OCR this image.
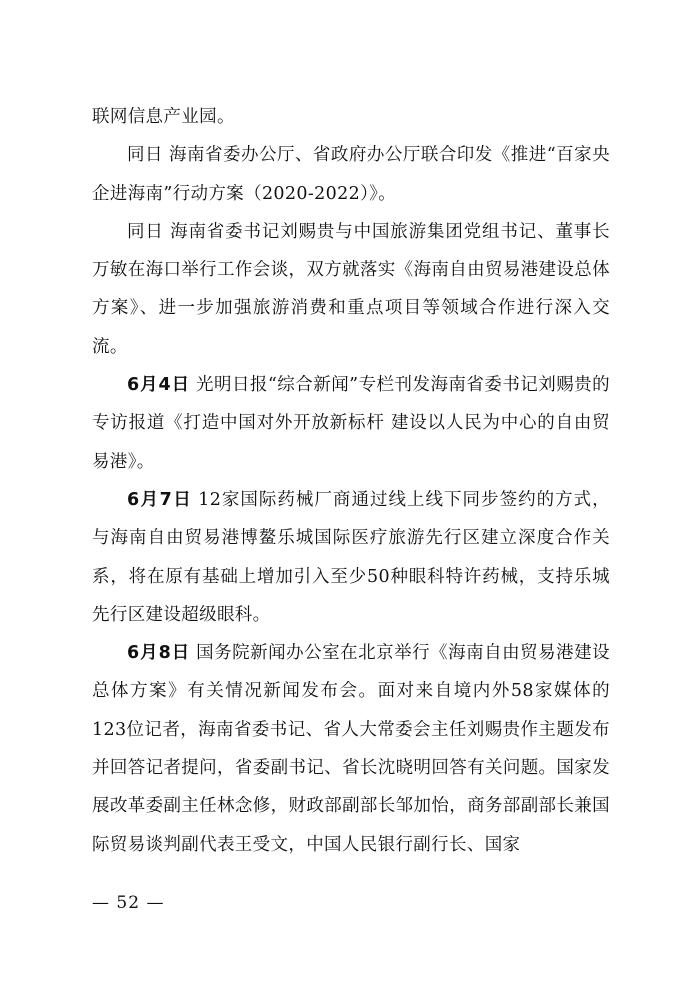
联网信息产业园。

同日 海南省委办公厅、省政府办公厅联合印发《推进“百家央企进海南”行动方案（2020-2022）》。

同日 海南省委书记刘赐贵与中国旅游集团党组书记、董事长万敏在海口举行工作会谈，双方就落实《海南自由贸易港建设总体方案》、进一步加强旅游消费和重点项目等领域合作进行深入交流。

6月4日 光明日报“综合新闻”专栏刊发海南省委书记刘赐贵的专访报道《打造中国对外开放新标杆 建设以人民为中心的自由贸易港》。

6月7日 12家国际药械厂商通过线上线下同步签约的方式，与海南自由贸易港博鳌乐城国际医疗旅游先行区建立深度合作关系，将在原有基础上增加引入至少50种眼科特许药械，支持乐城先行区建设超级眼科。

6月8日 国务院新闻办公室在北京举行《海南自由贸易港建设总体方案》有关情况新闻发布会。面对来自境内外58家媒体的123位记者，海南省委书记、省人大常委会主任刘赐贵作主题发布并回答记者提问，省委副书记、省长沈晓明回答有关问题。国家发展改革委副主任林念修，财政部副部长邹加怡，商务部副部长兼国际贸易谈判副代表王受文，中国人民银行副行长、国家

— 52 —
